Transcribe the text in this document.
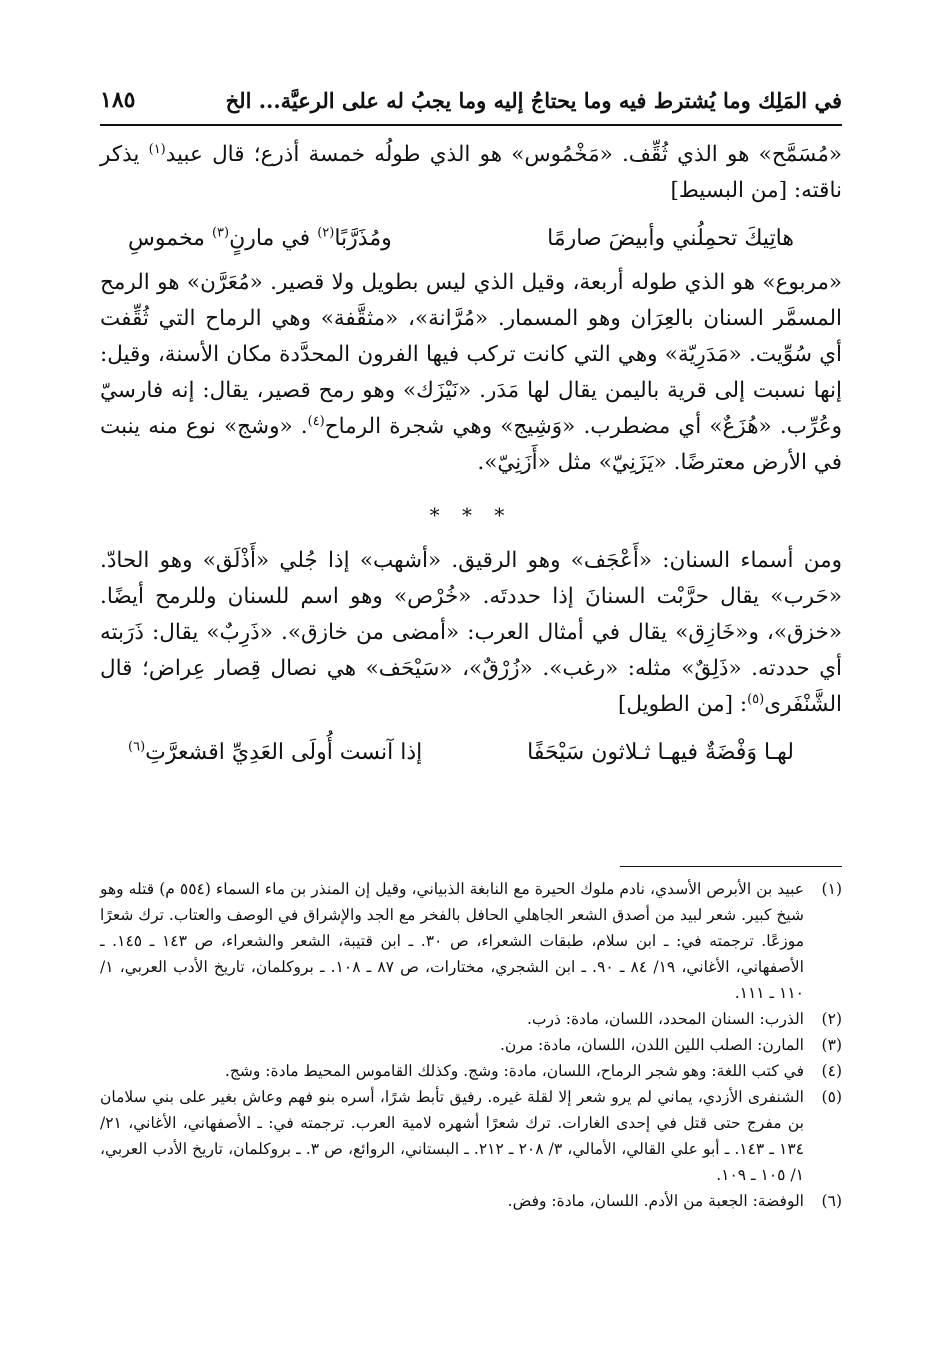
في المَلِك وما يُشترط فيه وما يحتاجُ إليه وما يجبُ له على الرعيَّة... الخ
١٨٥

«مُسَمَّح» هو الذي ثُقِّف. «مَخْمُوس» هو الذي طولُه خمسة أذرع؛ قال عبيد$^{(١)}$ يذكر ناقته: [من البسيط]

هاتِيكَ تحمِلُني وأبيضَ صارمًا
ومُذَرَّبًا$^{(٢)}$ في مارنٍ$^{(٣)}$ مخموسِ

«مربوع» هو الذي طوله أربعة، وقيل الذي ليس بطويل ولا قصير. «مُعَرَّن» هو الرمح المسمَّر السنان بالعِرَان وهو المسمار. «مُرَّانة»، «مثقَّفة» وهي الرماح التي ثُقِّفت أي سُوِّيت. «مَدَرِيّة» وهي التي كانت تركب فيها الفرون المحدَّدة مكان الأسنة، وقيل: إنها نسبت إلى قرية باليمن يقال لها مَدَر. «نَيْزَك» وهو رمح قصير، يقال: إنه فارسيّ وعُرِّب. «هُزَعٌ» أي مضطرب. «وَشِيج» وهي شجرة الرماح$^{(٤)}$. «وشج» نوع منه ينبت في الأرض معترضًا. «يَزَنِيّ» مثل «أَزَنِيّ».

* * *

ومن أسماء السنان: «أَعْجَف» وهو الرقيق. «أشهب» إذا جُلي «أَذْلَق» وهو الحادّ. «حَرب» يقال حرَّبْت السنانَ إذا حددتَه. «خُرْص» وهو اسم للسنان وللرمح أيضًا. «خزق»، و«خَازِق» يقال في أمثال العرب: «أمضى من خازق». «ذَرِبٌ» يقال: ذَرَبته أي حددته. «ذَلِقٌ» مثله: «رغب». «زُرْقٌ»، «سَيْحَف» هي نصال قِصار عِراض؛ قال الشَّنْفَرى$^{(٥)}$: [من الطويل]

لهـا وَفْضَةٌ فيهـا ثـلاثون سَيْحَفًا
إذا آنست أُولَى العَدِيِّ اقشعرَّتِ$^{(٦)}$
(١)
عبيد بن الأبرص الأسدي، نادم ملوك الحيرة مع النابغة الذبياني، وقيل إن المنذر بن ماء السماء (٥٥٤ م) قتله وهو شيخ كبير. شعر لبيد من أصدق الشعر الجاهلي الحافل بالفخر مع الجد والإشراق في الوصف والعتاب. ترك شعرًا موزعًا. ترجمته في: ـ ابن سلام، طبقات الشعراء، ص ٣٠. ـ ابن قتيبة، الشعر والشعراء، ص ١٤٣ ـ ١٤٥. ـ الأصفهاني، الأغاني، ١٩/ ٨٤ ـ ٩٠. ـ ابن الشجري، مختارات، ص ٨٧ ـ ١٠٨. ـ بروكلمان، تاريخ الأدب العربي، ١/ ١١٠ ـ ١١١.
(٢)
الذرب: السنان المحدد، اللسان، مادة: ذرب.
(٣)
المارن: الصلب اللين اللدن، اللسان، مادة: مرن.
(٤)
في كتب اللغة: وهو شجر الرماح، اللسان، مادة: وشج. وكذلك القاموس المحيط مادة: وشج.
(٥)
الشنفرى الأزدي، يماني لم يرو شعر إلا لقلة غيره. رفيق تأبط شرًا، أسره بنو فهم وعاش بغير على بني سلامان بن مفرج حتى قتل في إحدى الغارات. ترك شعرًا أشهره لامية العرب. ترجمته في: ـ الأصفهاني، الأغاني، ٢١/ ١٣٤ ـ ١٤٣. ـ أبو علي القالي، الأمالي، ٣/ ٢٠٨ ـ ٢١٢. ـ البستاني، الروائع، ص ٣. ـ بروكلمان، تاريخ الأدب العربي، ١/ ١٠٥ ـ ١٠٩.
(٦)
الوفضة: الجعبة من الأدم. اللسان، مادة: وفض.
